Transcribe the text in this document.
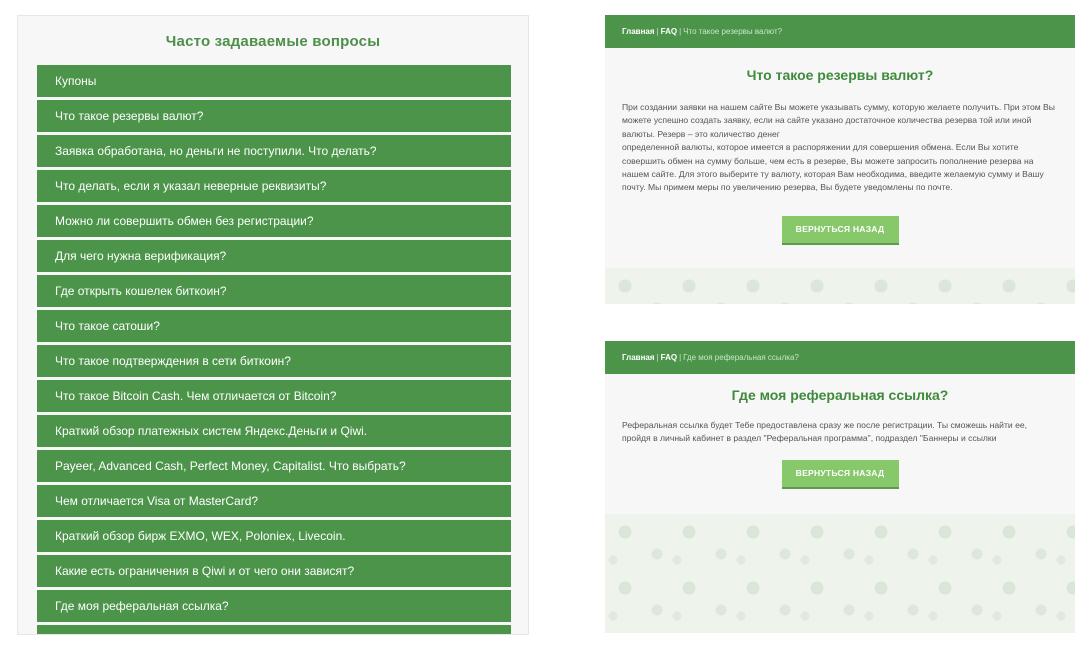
Часто задаваемые вопросы
Купоны
Что такое резервы валют?
Заявка обработана, но деньги не поступили. Что делать?
Что делать, если я указал неверные реквизиты?
Можно ли совершить обмен без регистрации?
Для чего нужна верификация?
Где открыть кошелек биткоин?
Что такое сатоши?
Что такое подтверждения в сети биткоин?
Что такое Bitcoin Cash. Чем отличается от Bitcoin?
Краткий обзор платежных систем Яндекс.Деньги и Qiwi.
Payeer, Advanced Cash, Perfect Money, Capitalist. Что выбрать?
Чем отличается Visa от MasterCard?
Краткий обзор бирж EXMO, WEX, Poloniex, Livecoin.
Какие есть ограничения в Qiwi и от чего они зависят?
Где моя реферальная ссылка?
Главная | FAQ | Что такое резервы валют?
Что такое резервы валют?

При создании заявки на нашем сайте Вы можете указывать сумму, которую желаете получить. При этом Вы можете успешно создать заявку, если на сайте указано достаточное количества резерва той или иной валюты. Резерв – это количество денег

определенной валюты, которое имеется в распоряжении для совершения обмена. Если Вы хотите совершить обмен на сумму больше, чем есть в резерве, Вы можете запросить пополнение резерва на нашем сайте. Для этого выберите ту валюту, которая Вам необходима, введите желаемую сумму и Вашу почту. Мы примем меры по увеличению резерва, Вы будете уведомлены по почте.

ВЕРНУТЬСЯ НАЗАД
Главная | FAQ | Где моя реферальная ссылка?
Где моя реферальная ссылка?

Реферальная ссылка будет Тебе предоставлена сразу же после регистрации. Ты сможешь найти ее, пройдя в личный кабинет в раздел "Реферальная программа", подраздел "Баннеры и ссылки

ВЕРНУТЬСЯ НАЗАД
